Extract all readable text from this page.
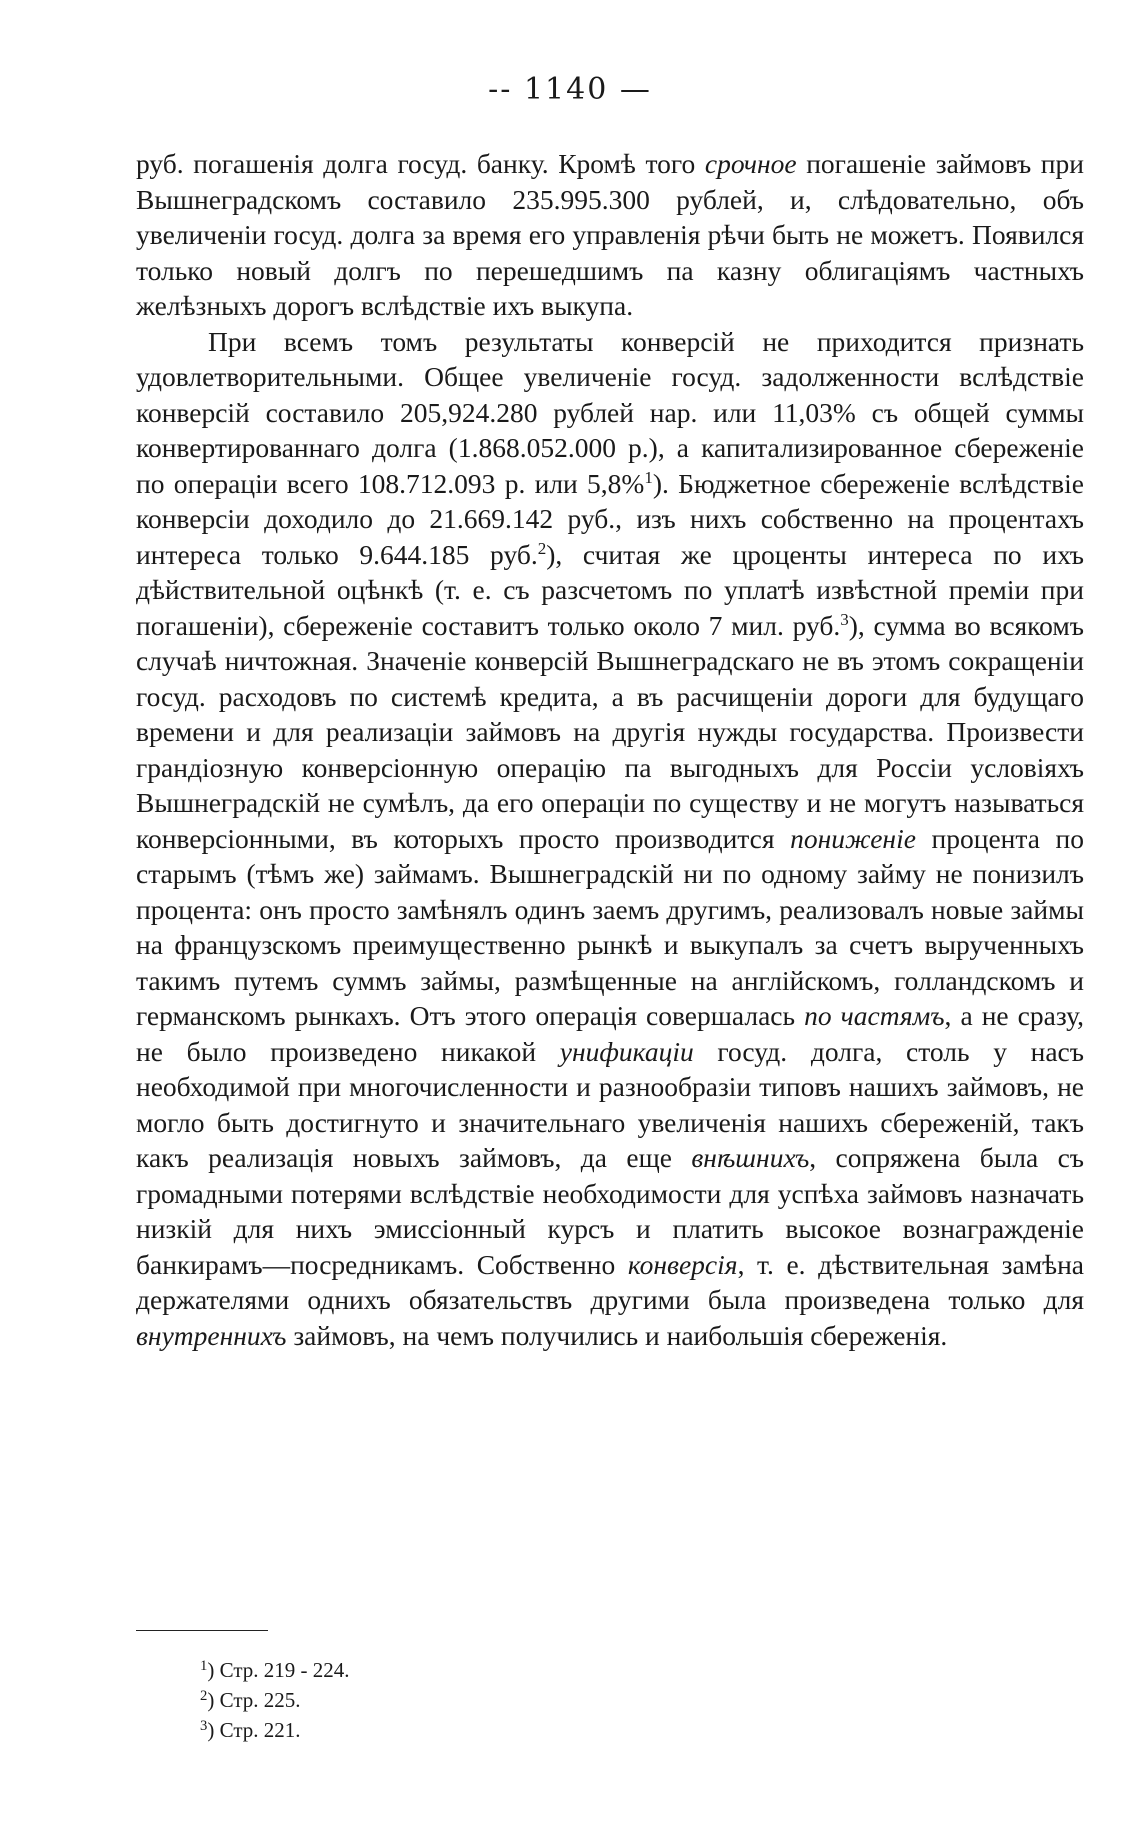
-- 1140 —

руб. погашенія долга госуд. банку. Кромѣ того срочное погашеніе займовъ при Вышнеградскомъ составило 235.995.300 рублей, и, слѣдовательно, объ увеличеніи госуд. долга за время его управленія рѣчи быть не можетъ. Появился только новый долгъ по перешедшимъ па казну облигаціямъ частныхъ желѣзныхъ дорогъ вслѣдствіе ихъ выкупа.

При всемъ томъ результаты конверсій не приходится признать удовлетворительными. Общее увеличеніе госуд. задолженности вслѣдствіе конверсій составило 205,924.280 рублей нар. или 11,03% съ общей суммы конвертированнаго долга (1.868.052.000 р.), а капитализированное сбереженіе по операціи всего 108.712.093 р. или 5,8%$^1$). Бюджетное сбереженіе вслѣдствіе конверсіи доходило до 21.669.142 руб., изъ нихъ собственно на процентахъ интереса только 9.644.185 руб.$^2$), считая же цроценты интереса по ихъ дѣйствительной оцѣнкѣ (т. е. съ разсчетомъ по уплатѣ извѣстной преміи при погашеніи), сбереженіе составитъ только около 7 мил. руб.$^3$), сумма во всякомъ случаѣ ничтожная. Значеніе конверсій Вышнеградскаго не въ этомъ сокращеніи госуд. расходовъ по системѣ кредита, а въ расчищеніи дороги для будущаго времени и для реализаціи займовъ на другія нужды государства. Произвести грандіозную конверсіонную операцію па выгодныхъ для Россіи условіяхъ Вышнеградскій не сумѣлъ, да его операціи по существу и не могутъ называться конверсіонными, въ которыхъ просто производится пониженіе процента по старымъ (тѣмъ же) займамъ. Вышнеградскій ни по одному займу не понизилъ процента: онъ просто замѣнялъ одинъ заемъ другимъ, реализовалъ новые займы на французскомъ преимущественно рынкѣ и выкупалъ за счетъ вырученныхъ такимъ путемъ суммъ займы, размѣщенные на англійскомъ, голландскомъ и германскомъ рынкахъ. Отъ этого операція совершалась по частямъ, а не сразу, не было произведено никакой унификаціи госуд. долга, столь у насъ необходимой при многочисленности и разнообразіи типовъ нашихъ займовъ, не могло быть достигнуто и значительнаго увеличенія нашихъ сбереженій, такъ какъ реализація новыхъ займовъ, да еще внѣшнихъ, сопряжена была съ громадными потерями вслѣдствіе необходимости для успѣха займовъ назначать низкій для нихъ эмиссіонный курсъ и платить высокое вознагражденіе банкирамъ—посредникамъ. Собственно конверсія, т. е. дѣствительная замѣна держателями однихъ обязательствъ другими была произведена только для внутреннихъ займовъ, на чемъ получились и наибольшія сбереженія.

$^1$) Стр. 219 - 224.
$^2$) Стр. 225.
$^3$) Стр. 221.
